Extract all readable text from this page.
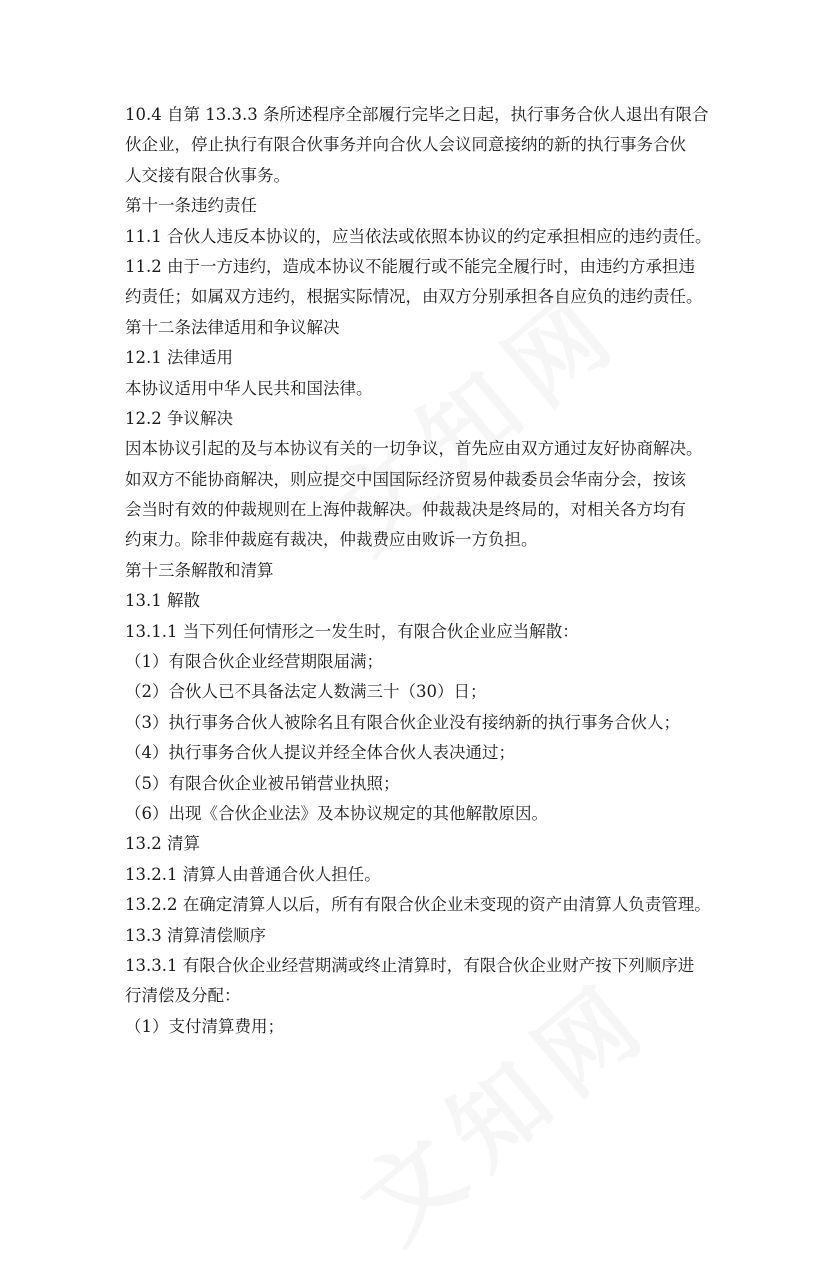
10.4 自第 13.3.3 条所述程序全部履行完毕之日起，执行事务合伙人退出有限合
伙企业，停止执行有限合伙事务并向合伙人会议同意接纳的新的执行事务合伙
人交接有限合伙事务。
第十一条违约责任
11.1 合伙人违反本协议的，应当依法或依照本协议的约定承担相应的违约责任。
11.2 由于一方违约，造成本协议不能履行或不能完全履行时，由违约方承担违
约责任；如属双方违约，根据实际情况，由双方分别承担各自应负的违约责任。
第十二条法律适用和争议解决
12.1 法律适用
本协议适用中华人民共和国法律。
12.2 争议解决
因本协议引起的及与本协议有关的一切争议，首先应由双方通过友好协商解决。
如双方不能协商解决，则应提交中国国际经济贸易仲裁委员会华南分会，按该
会当时有效的仲裁规则在上海仲裁解决。仲裁裁决是终局的，对相关各方均有
约束力。除非仲裁庭有裁决，仲裁费应由败诉一方负担。
第十三条解散和清算
13.1 解散
13.1.1 当下列任何情形之一发生时，有限合伙企业应当解散：
（1）有限合伙企业经营期限届满；
（2）合伙人已不具备法定人数满三十（30）日；
（3）执行事务合伙人被除名且有限合伙企业没有接纳新的执行事务合伙人；
（4）执行事务合伙人提议并经全体合伙人表决通过；
（5）有限合伙企业被吊销营业执照；
（6）出现《合伙企业法》及本协议规定的其他解散原因。
13.2 清算
13.2.1 清算人由普通合伙人担任。
13.2.2 在确定清算人以后，所有有限合伙企业未变现的资产由清算人负责管理。
13.3 清算清偿顺序
13.3.1 有限合伙企业经营期满或终止清算时，有限合伙企业财产按下列顺序进
行清偿及分配：
（1）支付清算费用；
